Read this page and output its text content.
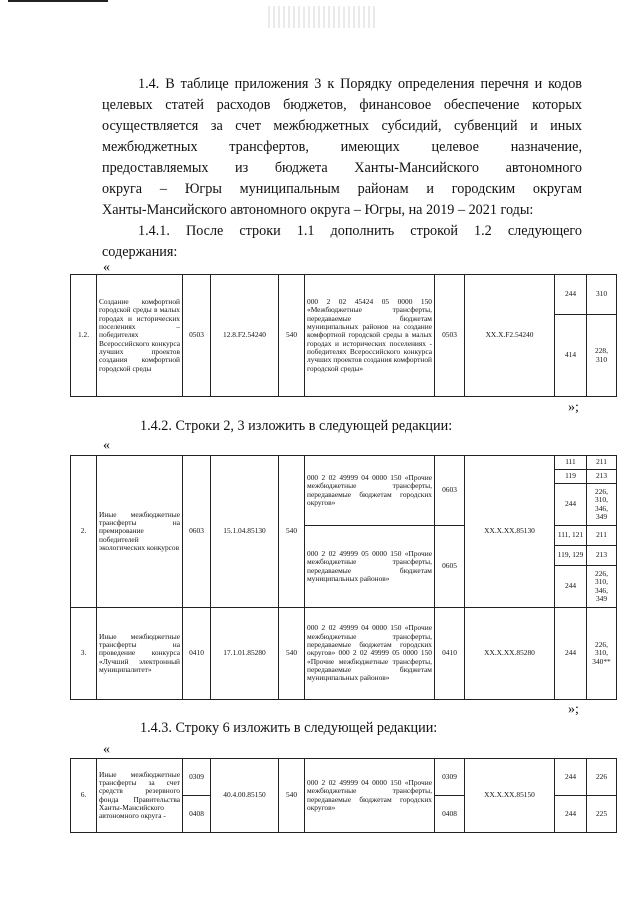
1.4. В таблице приложения 3 к Порядку определения перечня и кодов
целевых статей расходов бюджетов, финансовое обеспечение которых
осуществляется за счет межбюджетных субсидий, субвенций и иных
межбюджетных трансфертов, имеющих целевое назначение,
предоставляемых из бюджета Ханты-Мансийского автономного
округа – Югры муниципальным районам и городским округам
Ханты-Мансийского автономного округа – Югры, на 2019 – 2021 годы:
1.4.1. После строки 1.1 дополнить строкой 1.2 следующего
содержания:
«
1.2.	Создание комфортной городской среды в малых городах и исторических поселениях – победителях Всероссийского конкурса лучших проектов создания комфортной городской среды	0503	12.8.F2.54240	540	000 2 02 45424 05 0000 150 «Межбюджетные трансферты, передаваемые бюджетам муниципальных районов на создание комфортной городской среды в малых городах и исторических поселениях - победителях Всероссийского конкурса лучших проектов создания комфортной городской среды»	0503	XX.X.F2.54240	244	310
								414	228, 310
»;
1.4.2. Строки 2, 3 изложить в следующей редакции:
«
2.	Иные межбюджетные трансферты на премирование победителей экологических конкурсов	0603	15.1.04.85130	540	000 2 02 49999 04 0000 150 «Прочие межбюджетные трансферты, передаваемые бюджетам городских округов»	0603	XX.X.XX.85130	111	211
								119	213
								244	226, 310, 346, 349
					000 2 02 49999 05 0000 150 «Прочие межбюджетные трансферты, передаваемые бюджетам муниципальных районов»	0605		111, 121	211
								119, 129	213
								244	226, 310, 346, 349
3.	Иные межбюджетные трансферты на проведение конкурса «Лучший электронный муниципалитет»	0410	17.1.01.85280	540	000 2 02 49999 04 0000 150 «Прочие межбюджетные трансферты, передаваемые бюджетам городских округов» 000 2 02 49999 05 0000 150 «Прочие межбюджетные трансферты, передаваемые бюджетам муниципальных районов»	0410	XX.X.XX.85280	244	226, 310, 340**
»;
1.4.3. Строку 6 изложить в следующей редакции:
«
6.	Иные межбюджетные трансферты за счет средств резервного фонда Правительства Ханты-Мансийского автономного округа -	0309	40.4.00.85150	540	000 2 02 49999 04 0000 150 «Прочие межбюджетные трансферты, передаваемые бюджетам городских округов»	0309	XX.X.XX.85150	244	226
		0408				0408		244	225
